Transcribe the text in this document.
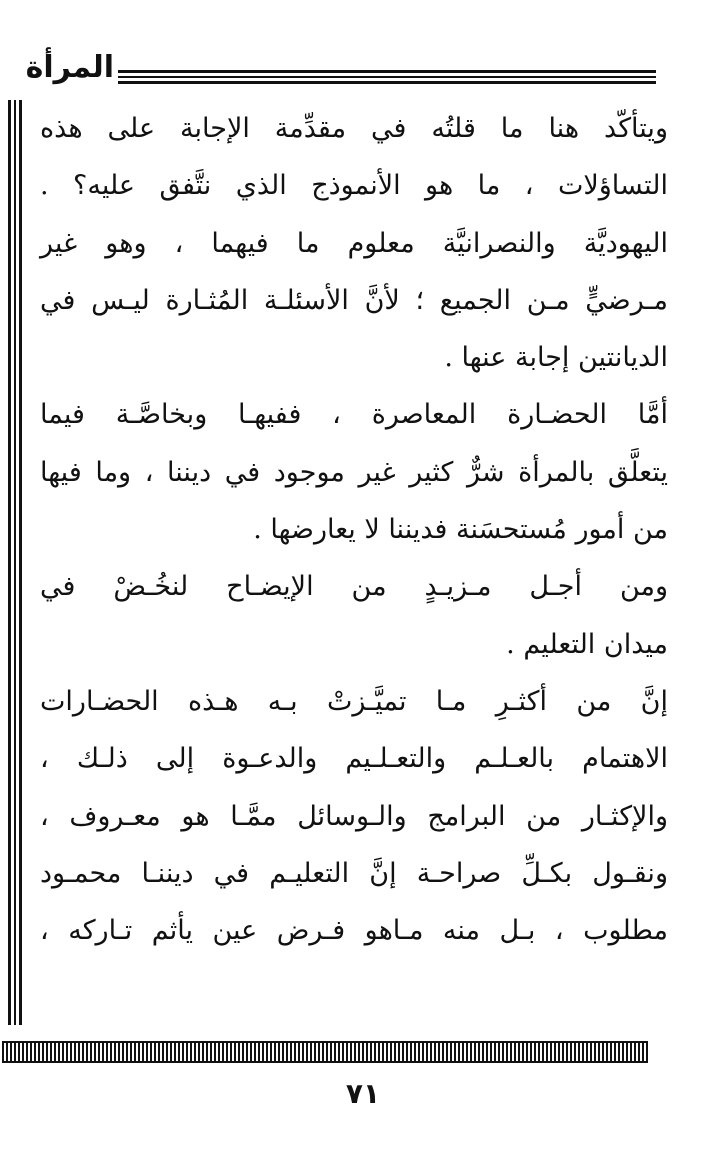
المرأة
ويتأكّد هنا ما قلتُه في مقدِّمة الإجابة على هذه
التساؤلات ، ما هو الأنموذج الذي نتَّفق عليه؟ .
اليهوديَّة والنصرانيَّة معلوم ما فيهما ، وهو غير
مـرضيٍّ مـن الجميع ؛ لأنَّ الأسئلـة المُثـارة ليـس في
الديانتين إجابة عنها .
أمَّا الحضـارة المعاصرة ، ففيهـا وبخاصَّـة فيما
يتعلَّق بالمرأة شرٌّ كثير غير موجود في ديننا ، وما فيها
من أمور مُستحسَنة فديننا لا يعارضها .
ومن أجـل مـزيـدٍ من الإيضـاح لنخُـضْ في
ميدان التعليم .
إنَّ من أكثـرِ مـا تميَّـزتْ بـه هـذه الحضـارات
الاهتمام بالعـلـم والتعـلـيم والدعـوة إلى ذلـك ،
والإكثـار من البرامج والـوسائل ممَّـا هو معـروف ،
ونقـول بكـلِّ صراحـة إنَّ التعليـم في ديننـا محمـود
مطلوب ، بـل منه مـاهو فـرض عين يأثم تـاركه ،
٧١
